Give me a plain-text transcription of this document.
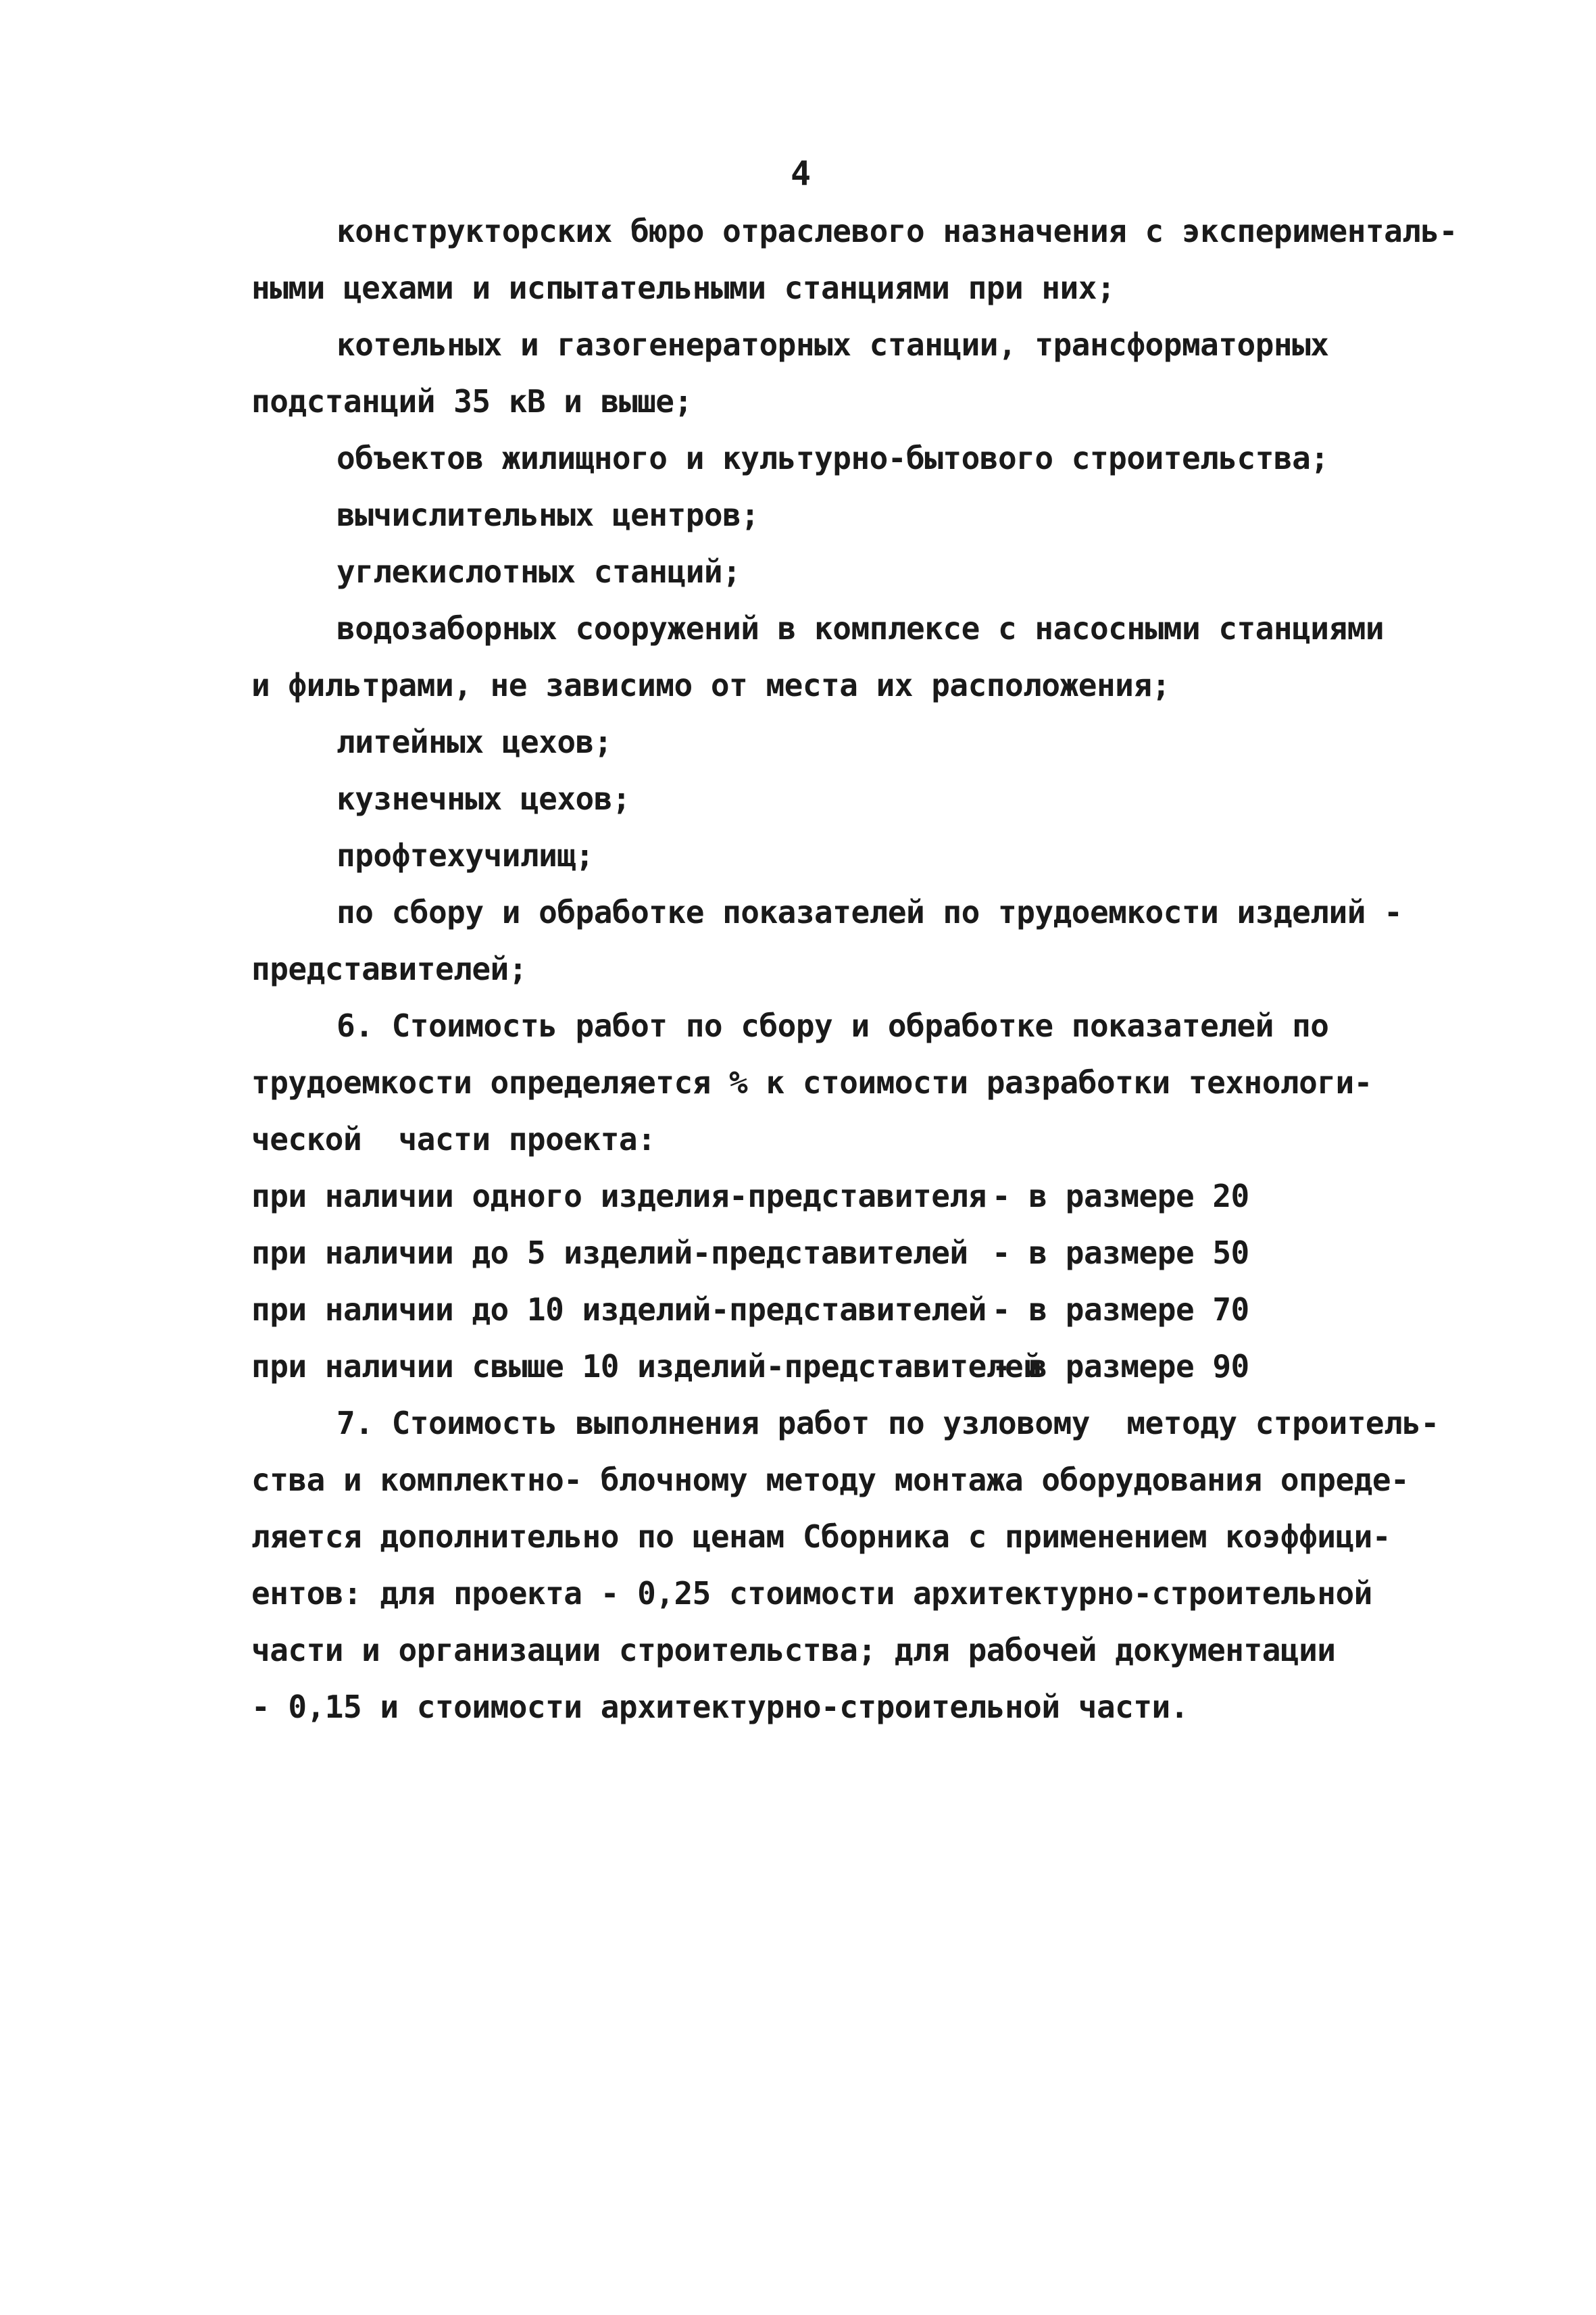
4
конструкторских бюро отраслевого назначения с эксперименталь-
ными цехами и испытательными станциями при них;
котельных и газогенераторных станции, трансформаторных
подстанций 35 кВ и выше;
объектов жилищного и культурно-бытового строительства;
вычислительных центров;
углекислотных станций;
водозаборных сооружений в комплексе с насосными станциями
и фильтрами, не зависимо от места их расположения;
литейных цехов;
кузнечных цехов;
профтехучилищ;
по сбору и обработке показателей по трудоемкости изделий -
представителей;
6. Стоимость работ по сбору и обработке показателей по
трудоемкости определяется % к стоимости разработки технологи-
ческой  части проекта:
при наличии одного изделия-представителя - в размере 20
при наличии до 5 изделий-представителей - в размере 50
при наличии до 10 изделий-представителей - в размере 70
при наличии свыше 10 изделий-представителей
- в размере 90
7. Стоимость выполнения работ по узловому  методу строитель-
ства и комплектно- блочному методу монтажа оборудования опреде-
ляется дополнительно по ценам Сборника с применением коэффици-
ентов: для проекта - 0,25 стоимости архитектурно-строительной
части и организации строительства; для рабочей документации
- 0,15 и стоимости архитектурно-строительной части.
